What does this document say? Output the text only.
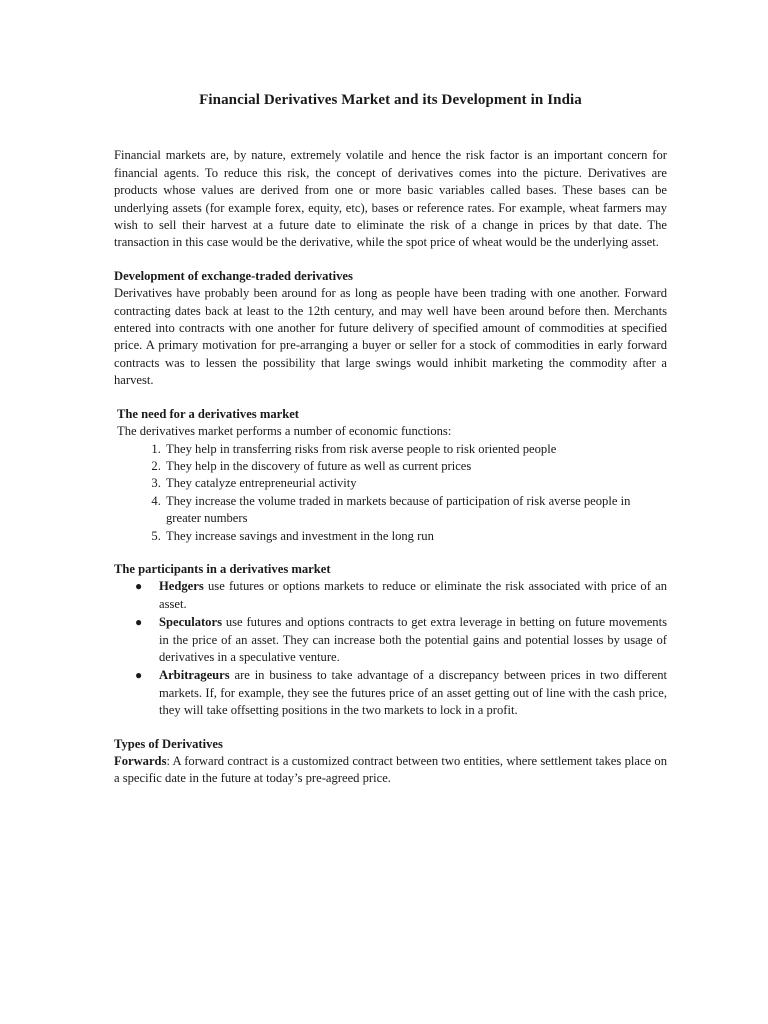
Financial Derivatives Market and its Development in India

Financial markets are, by nature, extremely volatile and hence the risk factor is an important concern for financial agents. To reduce this risk, the concept of derivatives comes into the picture. Derivatives are products whose values are derived from one or more basic variables called bases. These bases can be underlying assets (for example forex, equity, etc), bases or reference rates. For example, wheat farmers may wish to sell their harvest at a future date to eliminate the risk of a change in prices by that date. The transaction in this case would be the derivative, while the spot price of wheat would be the underlying asset.

Development of exchange-traded derivatives

Derivatives have probably been around for as long as people have been trading with one another. Forward contracting dates back at least to the 12th century, and may well have been around before then. Merchants entered into contracts with one another for future delivery of specified amount of commodities at specified price. A primary motivation for pre-arranging a buyer or seller for a stock of commodities in early forward contracts was to lessen the possibility that large swings would inhibit marketing the commodity after a harvest.

The need for a derivatives market

The derivatives market performs a number of economic functions:

1. They help in transferring risks from risk averse people to risk oriented people
2. They help in the discovery of future as well as current prices
3. They catalyze entrepreneurial activity
4. They increase the volume traded in markets because of participation of risk averse people in greater numbers
5. They increase savings and investment in the long run
The participants in a derivatives market
● Hedgers use futures or options markets to reduce or eliminate the risk associated with price of an asset.
● Speculators use futures and options contracts to get extra leverage in betting on future movements in the price of an asset. They can increase both the potential gains and potential losses by usage of derivatives in a speculative venture.
● Arbitrageurs are in business to take advantage of a discrepancy between prices in two different markets. If, for example, they see the futures price of an asset getting out of line with the cash price, they will take offsetting positions in the two markets to lock in a profit.
Types of Derivatives

Forwards: A forward contract is a customized contract between two entities, where settlement takes place on a specific date in the future at today’s pre-agreed price.
